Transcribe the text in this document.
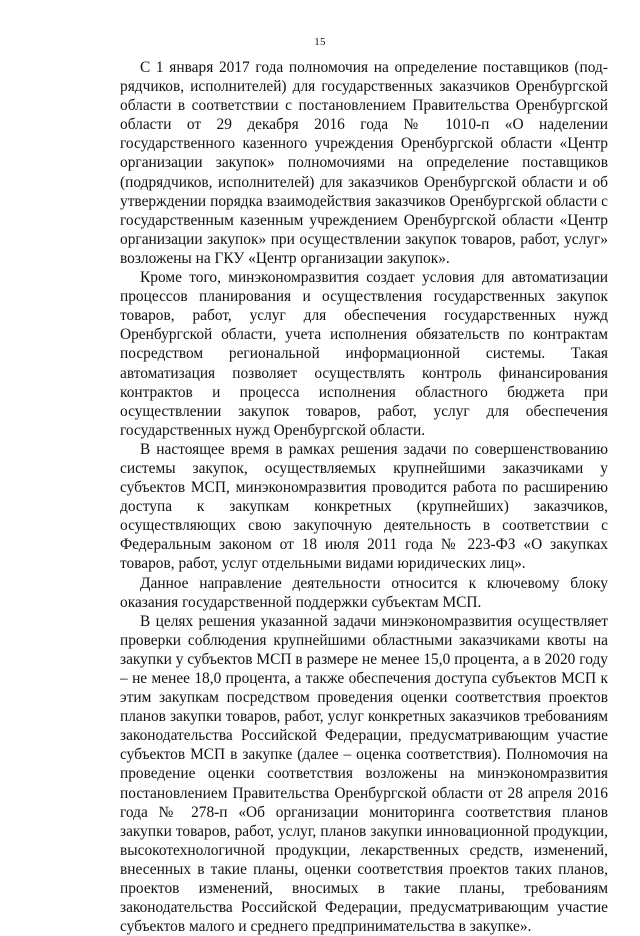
15

С 1 января 2017 года полномочия на определение поставщиков (подрядчиков, исполнителей) для государственных заказчиков Оренбургской области в соответствии с постановлением Правительства Оренбургской области от 29 декабря 2016 года № 1010-п «О наделении государственного казенного учреждения Оренбургской области «Центр организации закупок» полномочиями на определение поставщиков (подрядчиков, исполнителей) для заказчиков Оренбургской области и об утверждении порядка взаимодействия заказчиков Оренбургской области с государственным казенным учреждением Оренбургской области «Центр организации закупок» при осуществлении закупок товаров, работ, услуг» возложены на ГКУ «Центр организации закупок».

Кроме того, минэкономразвития создает условия для автоматизации процессов планирования и осуществления государственных закупок товаров, работ, услуг для обеспечения государственных нужд Оренбургской области, учета исполнения обязательств по контрактам посредством региональной информационной системы. Такая автоматизация позволяет осуществлять контроль финансирования контрактов и процесса исполнения областного бюджета при осуществлении закупок товаров, работ, услуг для обеспечения государственных нужд Оренбургской области.

В настоящее время в рамках решения задачи по совершенствованию системы закупок, осуществляемых крупнейшими заказчиками у субъектов МСП, минэкономразвития проводится работа по расширению доступа к закупкам конкретных (крупнейших) заказчиков, осуществляющих свою закупочную деятельность в соответствии с Федеральным законом от 18 июля 2011 года № 223-ФЗ «О закупках товаров, работ, услуг отдельными видами юридических лиц».

Данное направление деятельности относится к ключевому блоку оказания государственной поддержки субъектам МСП.

В целях решения указанной задачи минэкономразвития осуществляет проверки соблюдения крупнейшими областными заказчиками квоты на закупки у субъектов МСП в размере не менее 15,0 процента, а в 2020 году – не менее 18,0 процента, а также обеспечения доступа субъектов МСП к этим закупкам посредством проведения оценки соответствия проектов планов закупки товаров, работ, услуг конкретных заказчиков требованиям законодательства Российской Федерации, предусматривающим участие субъектов МСП в закупке (далее – оценка соответствия). Полномочия на проведение оценки соответствия возложены на минэкономразвития постановлением Правительства Оренбургской области от 28 апреля 2016 года № 278-п «Об организации мониторинга соответствия планов закупки товаров, работ, услуг, планов закупки инновационной продукции, высокотехнологичной продукции, лекарственных средств, изменений, внесенных в такие планы, оценки соответствия проектов таких планов, проектов изменений, вносимых в такие планы, требованиям законодательства Российской Федерации, предусматривающим участие субъектов малого и среднего предпринимательства в закупке».
